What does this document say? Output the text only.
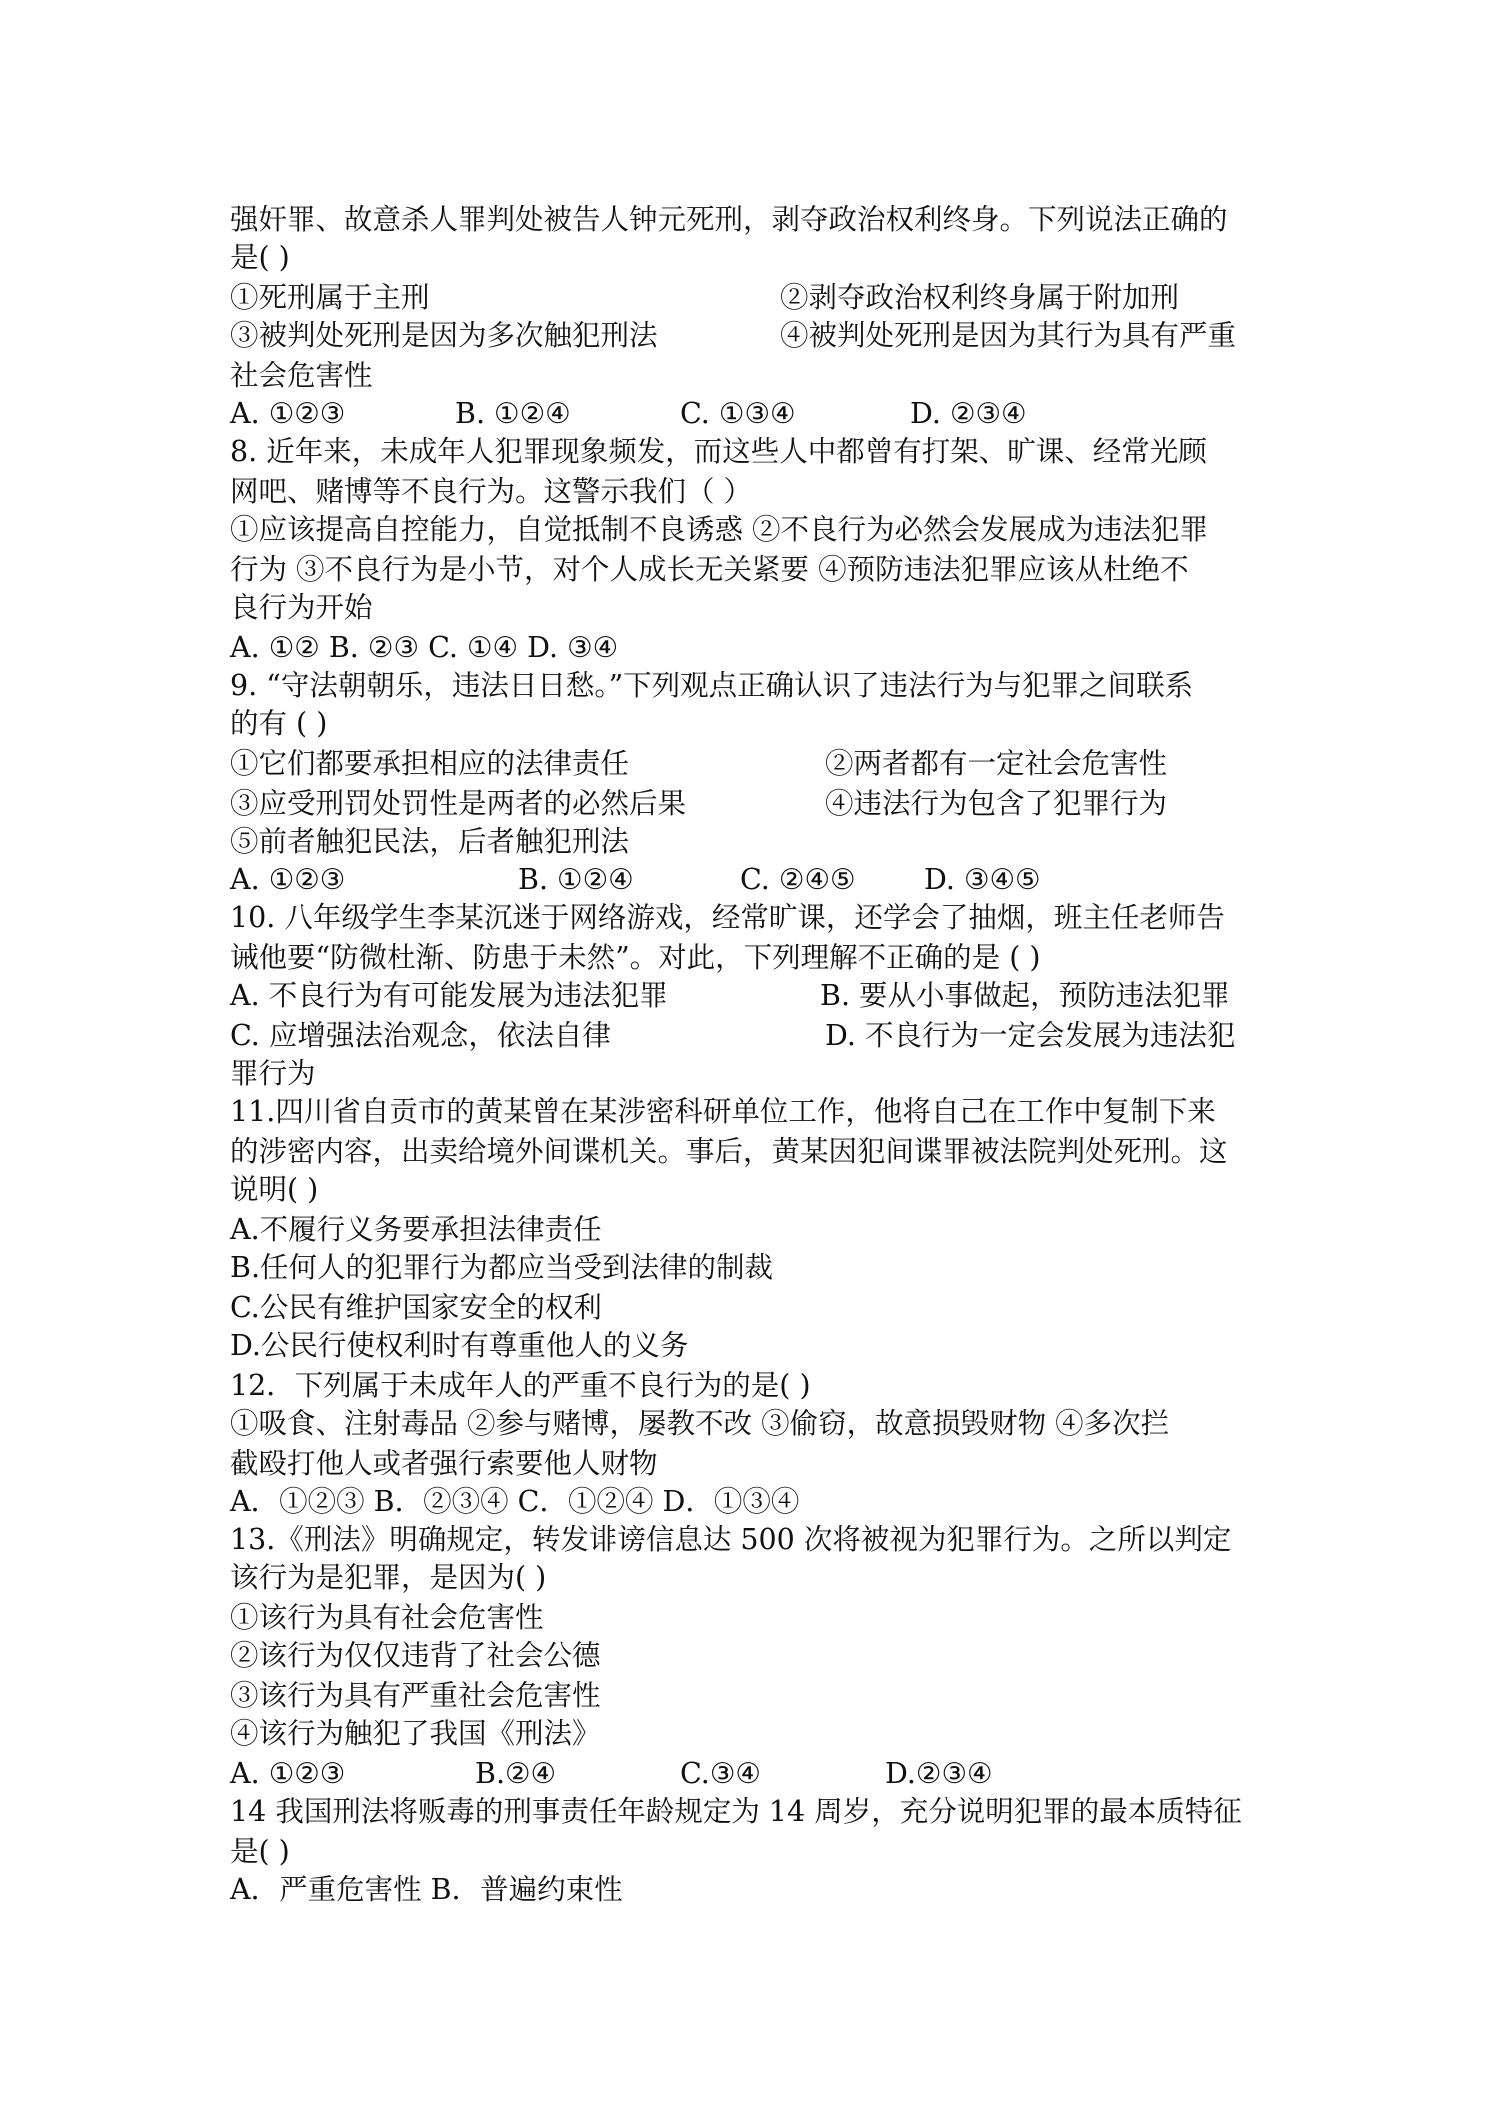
强奸罪、故意杀人罪判处被告人钟元死刑，剥夺政治权利终身。下列说法正确的
是( )
①死刑属于主刑	②剥夺政治权利终身属于附加刑
③被判处死刑是因为多次触犯刑法	④被判处死刑是因为其行为具有严重
社会危害性
A. ①②③	B. ①②④	C. ①③④	D. ②③④
8. 近年来，未成年人犯罪现象频发，而这些人中都曾有打架、旷课、经常光顾
网吧、赌博等不良行为。这警示我们（ ）
①应该提高自控能力，自觉抵制不良诱惑 ②不良行为必然会发展成为违法犯罪
行为 ③不良行为是小节，对个人成长无关紧要 ④预防违法犯罪应该从杜绝不
良行为开始
A. ①② B. ②③ C. ①④ D. ③④
9. “守法朝朝乐，违法日日愁。”下列观点正确认识了违法行为与犯罪之间联系
的有 ( )
①它们都要承担相应的法律责任	②两者都有一定社会危害性
③应受刑罚处罚性是两者的必然后果	④违法行为包含了犯罪行为
⑤前者触犯民法，后者触犯刑法
A. ①②③	B. ①②④	C. ②④⑤ D. ③④⑤
10. 八年级学生李某沉迷于网络游戏，经常旷课，还学会了抽烟，班主任老师告
诫他要“防微杜渐、防患于未然”。对此，下列理解不正确的是 ( )
A. 不良行为有可能发展为违法犯罪	B. 要从小事做起，预防违法犯罪
C. 应增强法治观念，依法自律	D. 不良行为一定会发展为违法犯
罪行为
11.四川省自贡市的黄某曾在某涉密科研单位工作，他将自己在工作中复制下来
的涉密内容，出卖给境外间谍机关。事后，黄某因犯间谍罪被法院判处死刑。这
说明( )
A.不履行义务要承担法律责任
B.任何人的犯罪行为都应当受到法律的制裁
C.公民有维护国家安全的权利
D.公民行使权利时有尊重他人的义务
12．下列属于未成年人的严重不良行为的是( )
①吸食、注射毒品 ②参与赌博，屡教不改 ③偷窃，故意损毁财物 ④多次拦
截殴打他人或者强行索要他人财物
A．①②③ B．②③④ C．①②④ D．①③④
13.《刑法》明确规定，转发诽谤信息达 500 次将被视为犯罪行为。之所以判定
该行为是犯罪，是因为( )
①该行为具有社会危害性
②该行为仅仅违背了社会公德
③该行为具有严重社会危害性
④该行为触犯了我国《刑法》
A. ①②③	B.②④	C.③④	D.②③④
14 我国刑法将贩毒的刑事责任年龄规定为 14 周岁，充分说明犯罪的最本质特征
是( )
A．严重危害性 B．普遍约束性
